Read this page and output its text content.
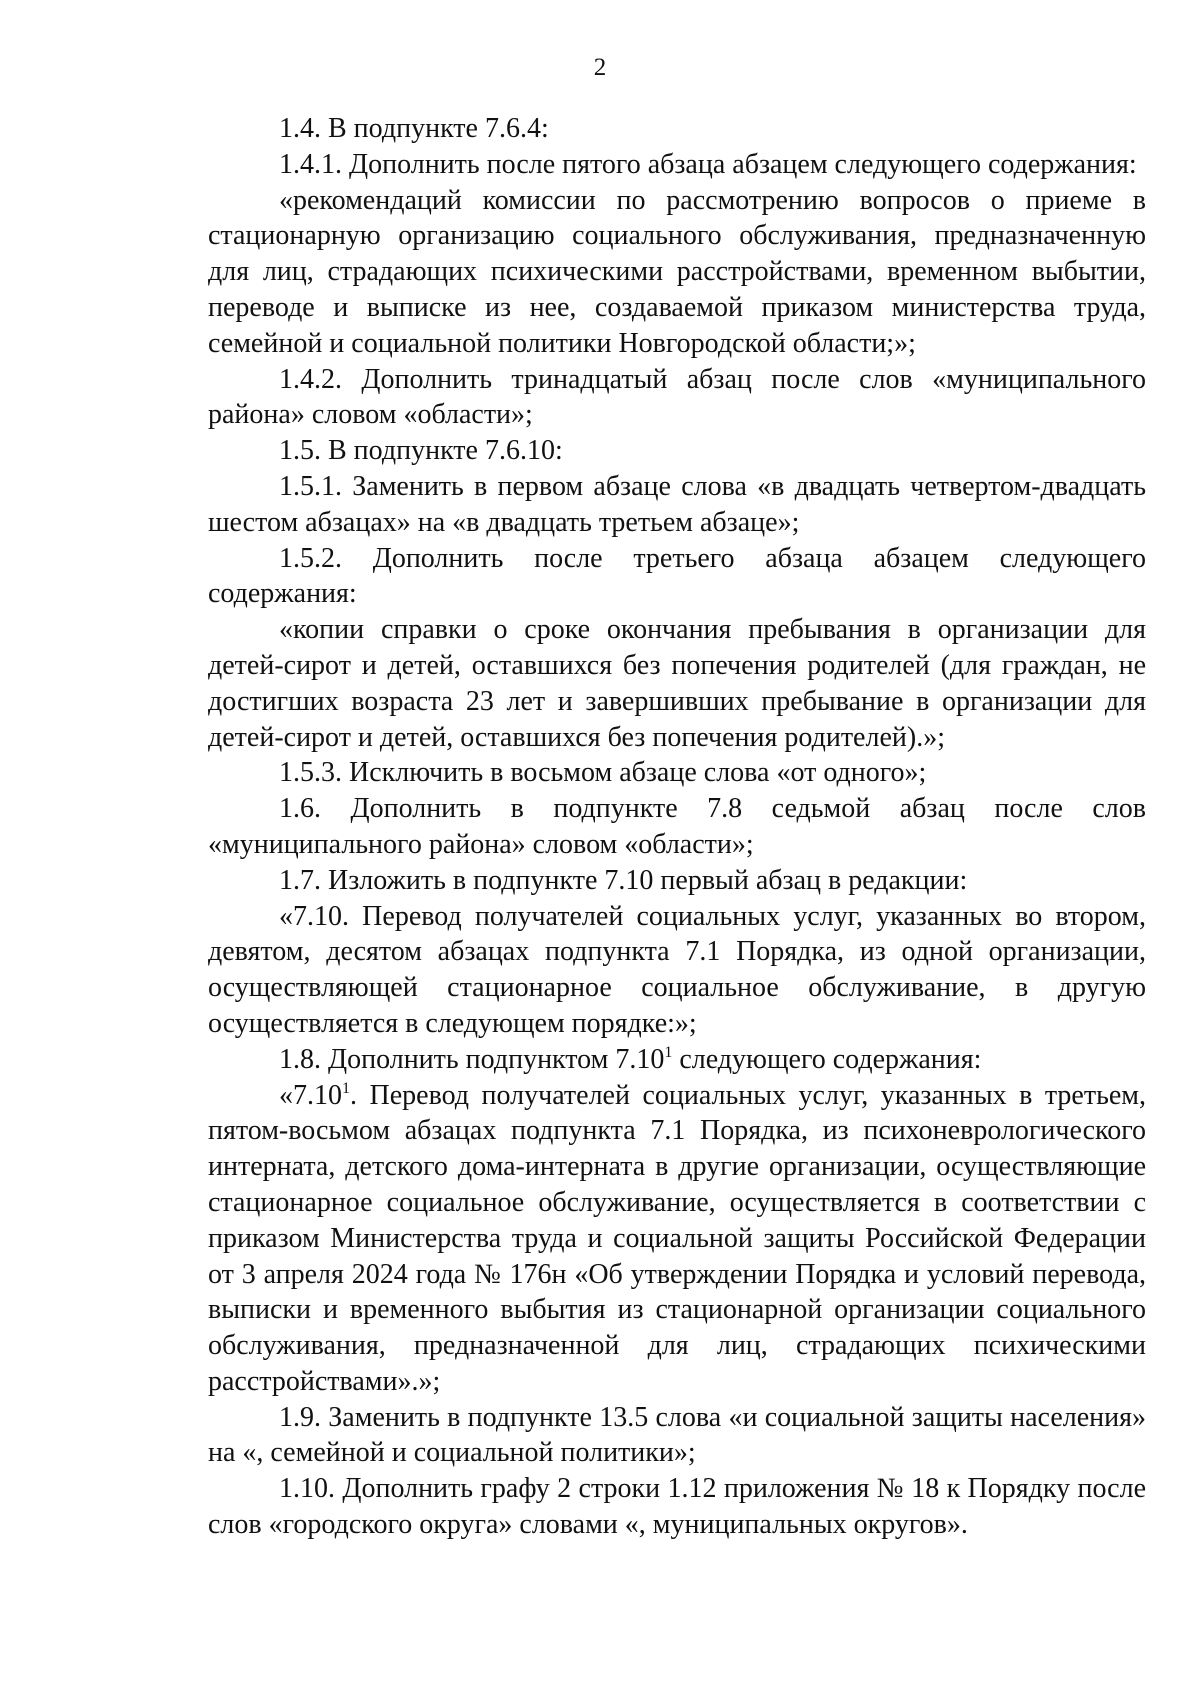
2

1.4. В подпункте 7.6.4:

1.4.1. Дополнить после пятого абзаца абзацем следующего содержания:

«рекомендаций комиссии по рассмотрению вопросов о приеме в стационарную организацию социального обслуживания, предназначенную для лиц, страдающих психическими расстройствами, временном выбытии, переводе и выписке из нее, создаваемой приказом министерства труда, семейной и социальной политики Новгородской области;»;

1.4.2. Дополнить тринадцатый абзац после слов «муниципального района» словом «области»;

1.5. В подпункте 7.6.10:

1.5.1. Заменить в первом абзаце слова «в двадцать четвертом-двадцать шестом абзацах» на «в двадцать третьем абзаце»;

1.5.2. Дополнить после третьего абзаца абзацем следующего содержания:

«копии справки о сроке окончания пребывания в организации для детей-сирот и детей, оставшихся без попечения родителей (для граждан, не достигших возраста 23 лет и завершивших пребывание в организации для детей-сирот и детей, оставшихся без попечения родителей).»;

1.5.3. Исключить в восьмом абзаце слова «от одного»;

1.6. Дополнить в подпункте 7.8 седьмой абзац после слов «муниципального района» словом «области»;

1.7. Изложить в подпункте 7.10 первый абзац в редакции:

«7.10. Перевод получателей социальных услуг, указанных во втором, девятом, десятом абзацах подпункта 7.1 Порядка, из одной организации, осуществляющей стационарное социальное обслуживание, в другую осуществляется в следующем порядке:»;

1.8. Дополнить подпунктом 7.10$^1$ следующего содержания:

«7.10$^1$. Перевод получателей социальных услуг, указанных в третьем, пятом-восьмом абзацах подпункта 7.1 Порядка, из психоневрологического интерната, детского дома-интерната в другие организации, осуществляющие стационарное социальное обслуживание, осуществляется в соответствии с приказом Министерства труда и социальной защиты Российской Федерации от 3 апреля 2024 года № 176н «Об утверждении Порядка и условий перевода, выписки и временного выбытия из стационарной организации социального обслуживания, предназначенной для лиц, страдающих психическими расстройствами».»;

1.9. Заменить в подпункте 13.5 слова «и социальной защиты населения» на «, семейной и социальной политики»;

1.10. Дополнить графу 2 строки 1.12 приложения № 18 к Порядку после слов «городского округа» словами «, муниципальных округов».
